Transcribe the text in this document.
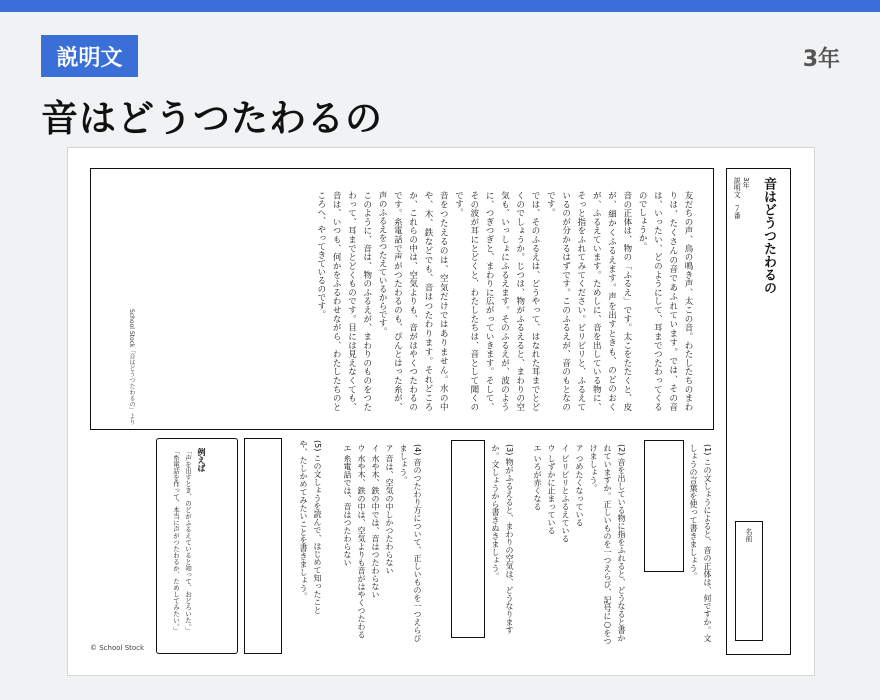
説明文	3年
音はどうつたわるの
音はどうつたわるの
3年
説明文　７番
名前
友だちの声、鳥の鳴き声、太この音。わたしたちのまわりは、たくさんの音であふれています。では、その音は、いったい、どのようにして、耳までつたわってくるのでしょうか。
音の正体は、物の「ふるえ」です。太こをたたくと、皮が、細かくふるえます。声を出すときも、のどのおくが、ふるえています。ためしに、音を出している物に、そっと指をふれてみてください。ビリビリと、ふるえているのが分かるはずです。このふるえが、音のもとなのです。
では、そのふるえは、どうやって、はなれた耳までとどくのでしょうか。じつは、物がふるえると、まわりの空気も、いっしょにふるえます。そのふるえが、波のように、つぎつぎと、まわりに広がっていきます。そして、その波が耳にとどくと、わたしたちは、音として聞くのです。
音をつたえるのは、空気だけではありません。水の中や、木、鉄などでも、音はつたわります。それどころか、これらの中は、空気よりも、音がはやくつたわるのです。糸電話で声がつたわるのも、ぴんとはった糸が、声のふるえをつたえているからです。
このように、音は、物のふるえが、まわりのものをつたわって、耳までとどくものです。目には見えなくても、音は、いつも、何かをふるわせながら、わたしたちのところへ、やってきているのです。
School Stock「音はどうつたわるの」より
(1) この文しょうによると、音の正体は、何ですか。文しょうの言葉を使って書きましょう。
(2) 音を出している物に指をふれると、どうなると書かれていますか。正しいものを一つえらび、記号に○をつけましょう。
ア つめたくなっている
イ ビリビリとふるえている
ウ しずかに止まっている
エ いろが赤くなる
(3) 物がふるえると、まわりの空気は、どうなりますか。文しょうから書きぬきましょう。
(4) 音のつたわり方について、正しいものを一つえらびましょう。
ア 音は、空気の中しかつたわらない
イ 水や木、鉄の中では、音はつたわらない
ウ 水や木、鉄の中は、空気よりも音がはやくつたわる
エ 糸電話では、音はつたわらない
(5) この文しょうを読んで、はじめて知ったことや、たしかめてみたいことを書きましょう。
例えば
「声を出すとき、のどがふるえていると知って、おどろいた。」
「糸電話を作って、本当に声がつたわるか、ためしてみたい。」
© School Stock
